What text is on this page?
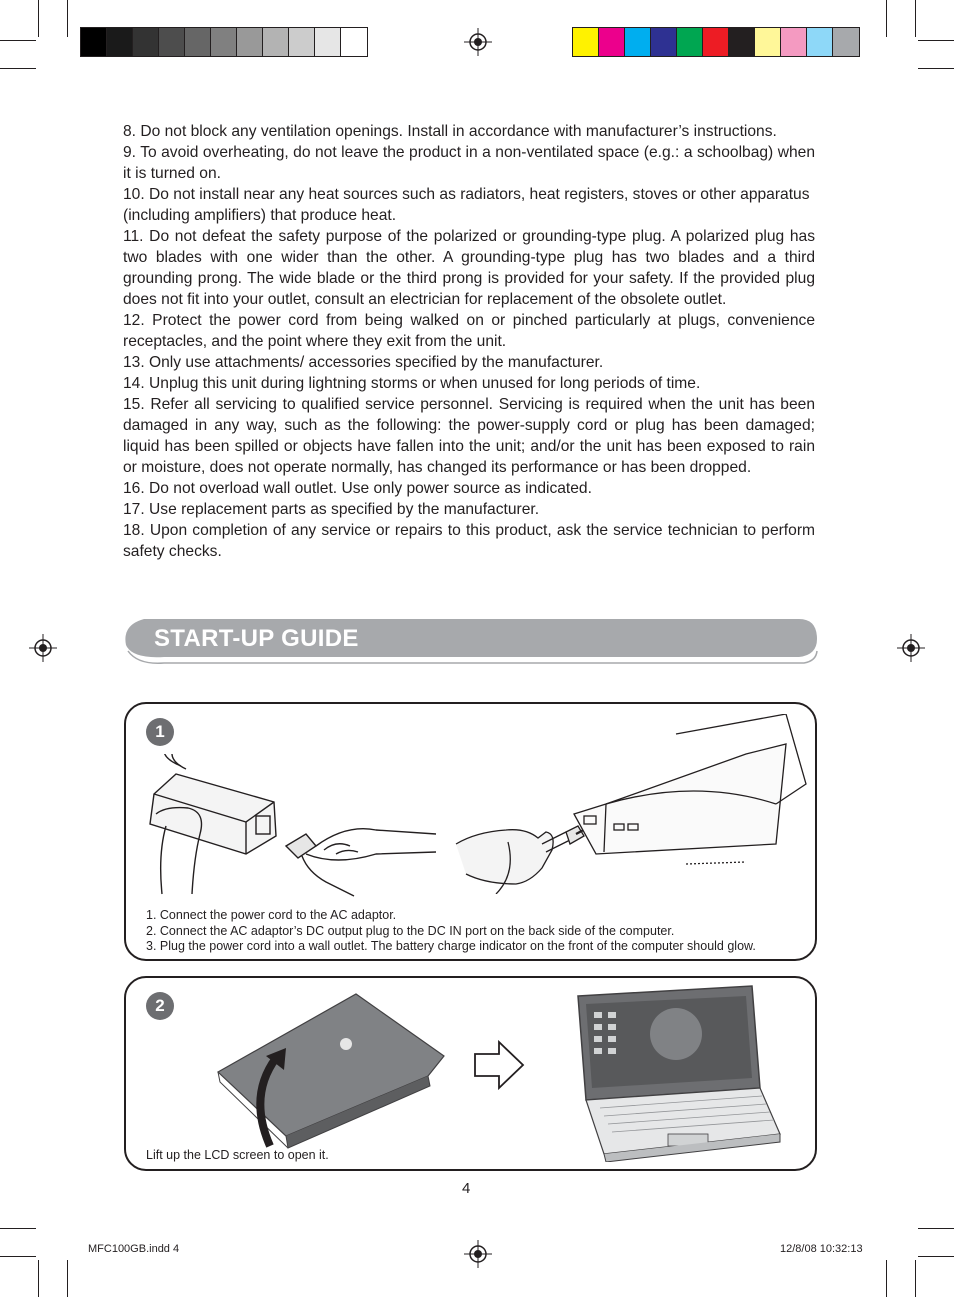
8. Do not block any ventilation openings. Install in accordance with manufacturer’s instructions.

9. To avoid overheating, do not leave the product in a non-ventilated space (e.g.: a schoolbag) when it is turned on.

10. Do not install near any heat sources such as radiators, heat registers, stoves or other apparatus (including amplifiers) that produce heat.

11. Do not defeat the safety purpose of the polarized or grounding-type plug. A polarized plug has two blades with one wider than the other. A grounding-type plug has two blades and a third grounding prong. The wide blade or the third prong is provided for your safety. If the provided plug does not fit into your outlet, consult an electrician for replacement of the obsolete outlet.

12. Protect the power cord from being walked on or pinched particularly at plugs, convenience receptacles, and the point where they exit from the unit.

13. Only use attachments/ accessories specified by the manufacturer.

14. Unplug this unit during lightning storms or when unused for long periods of time.

15. Refer all servicing to qualified service personnel. Servicing is required when the unit has been damaged in any way, such as the following: the power-supply cord or plug has been damaged; liquid has been spilled or objects have fallen into the unit; and/or the unit has been exposed to rain or moisture, does not operate normally, has changed its performance or has been dropped.

16. Do not overload wall outlet. Use only power source as indicated.

17. Use replacement parts as specified by the manufacturer.

18. Upon completion of any service or repairs to this product, ask the service technician to perform safety checks.

START-UP GUIDE
1

1. Connect the power cord to the AC adaptor.

2. Connect the AC adaptor’s DC output plug to the DC IN port on the back side of the computer.

3. Plug the power cord into a wall outlet. The battery charge indicator on the front of the computer should glow.

2
Lift up the LCD screen to open it.
4
MFC100GB.indd 4	12/8/08 10:32:13
